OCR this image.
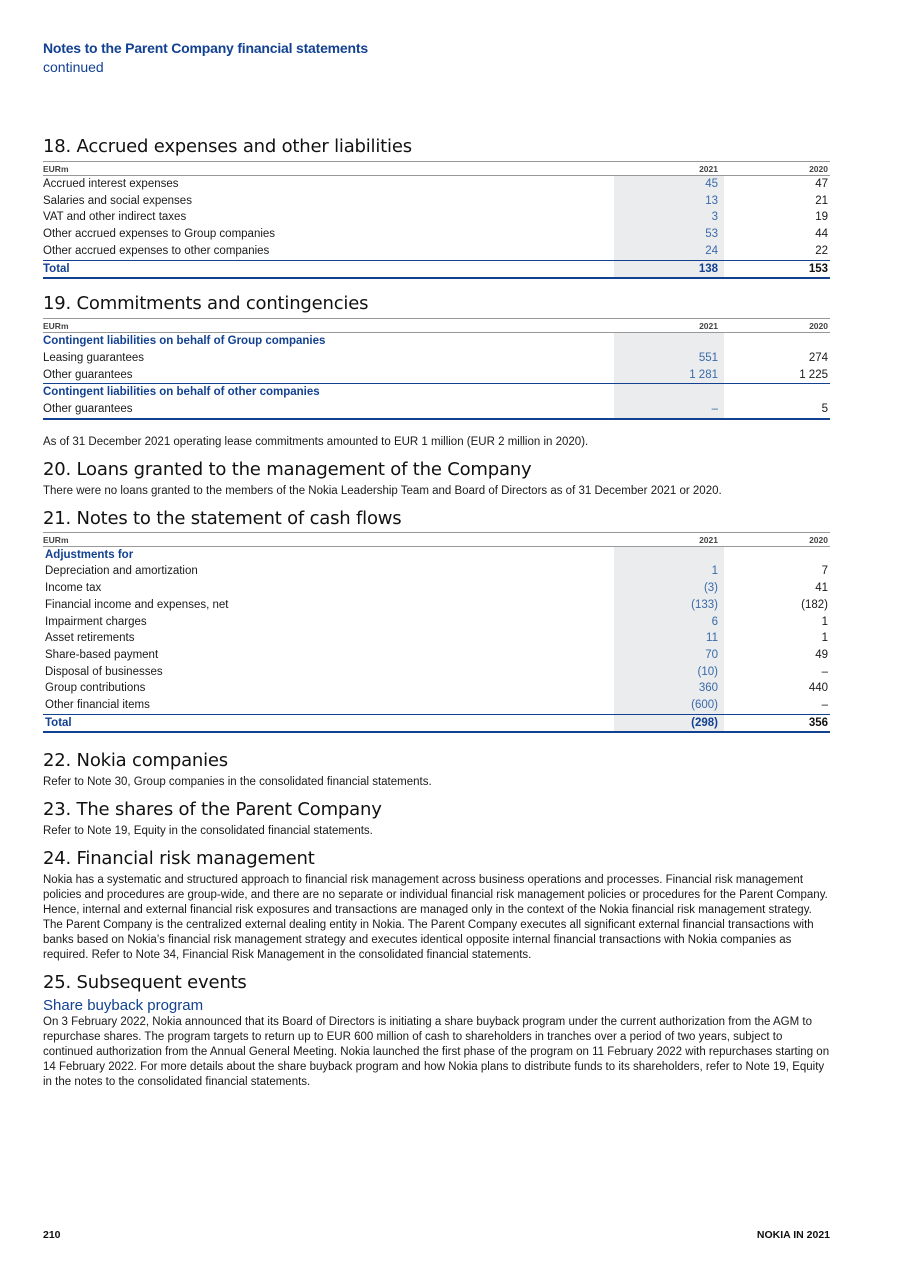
Notes to the Parent Company financial statements
continued
18. Accrued expenses and other liabilities
EURm	2021	2020
Accrued interest expenses	45	47
Salaries and social expenses	13	21
VAT and other indirect taxes	3	19
Other accrued expenses to Group companies	53	44
Other accrued expenses to other companies	24	22
Total	138	153
19. Commitments and contingencies
EURm	2021	2020
Contingent liabilities on behalf of Group companies		
Leasing guarantees	551	274
Other guarantees	1 281	1 225
Contingent liabilities on behalf of other companies		
Other guarantees	–	5

As of 31 December 2021 operating lease commitments amounted to EUR 1 million (EUR 2 million in 2020).

20. Loans granted to the management of the Company

There were no loans granted to the members of the Nokia Leadership Team and Board of Directors as of 31 December 2021 or 2020.

21. Notes to the statement of cash flows
EURm	2021	2020
Adjustments for		
Depreciation and amortization	1	7
Income tax	(3)	41
Financial income and expenses, net	(133)	(182)
Impairment charges	6	1
Asset retirements	11	1
Share-based payment	70	49
Disposal of businesses	(10)	–
Group contributions	360	440
Other financial items	(600)	–
Total	(298)	356
22. Nokia companies

Refer to Note 30, Group companies in the consolidated financial statements.

23. The shares of the Parent Company

Refer to Note 19, Equity in the consolidated financial statements.

24. Financial risk management

Nokia has a systematic and structured approach to financial risk management across business operations and processes. Financial risk management policies and procedures are group-wide, and there are no separate or individual financial risk management policies or procedures for the Parent Company. Hence, internal and external financial risk exposures and transactions are managed only in the context of the Nokia financial risk management strategy. The Parent Company is the centralized external dealing entity in Nokia. The Parent Company executes all significant external financial transactions with banks based on Nokia’s financial risk management strategy and executes identical opposite internal financial transactions with Nokia companies as required. Refer to Note 34, Financial Risk Management in the consolidated financial statements.

25. Subsequent events
Share buyback program

On 3 February 2022, Nokia announced that its Board of Directors is initiating a share buyback program under the current authorization from the AGM to repurchase shares. The program targets to return up to EUR 600 million of cash to shareholders in tranches over a period of two years, subject to continued authorization from the Annual General Meeting. Nokia launched the first phase of the program on 11 February 2022 with repurchases starting on 14 February 2022. For more details about the share buyback program and how Nokia plans to distribute funds to its shareholders, refer to Note 19, Equity in the notes to the consolidated financial statements.

210	NOKIA IN 2021
